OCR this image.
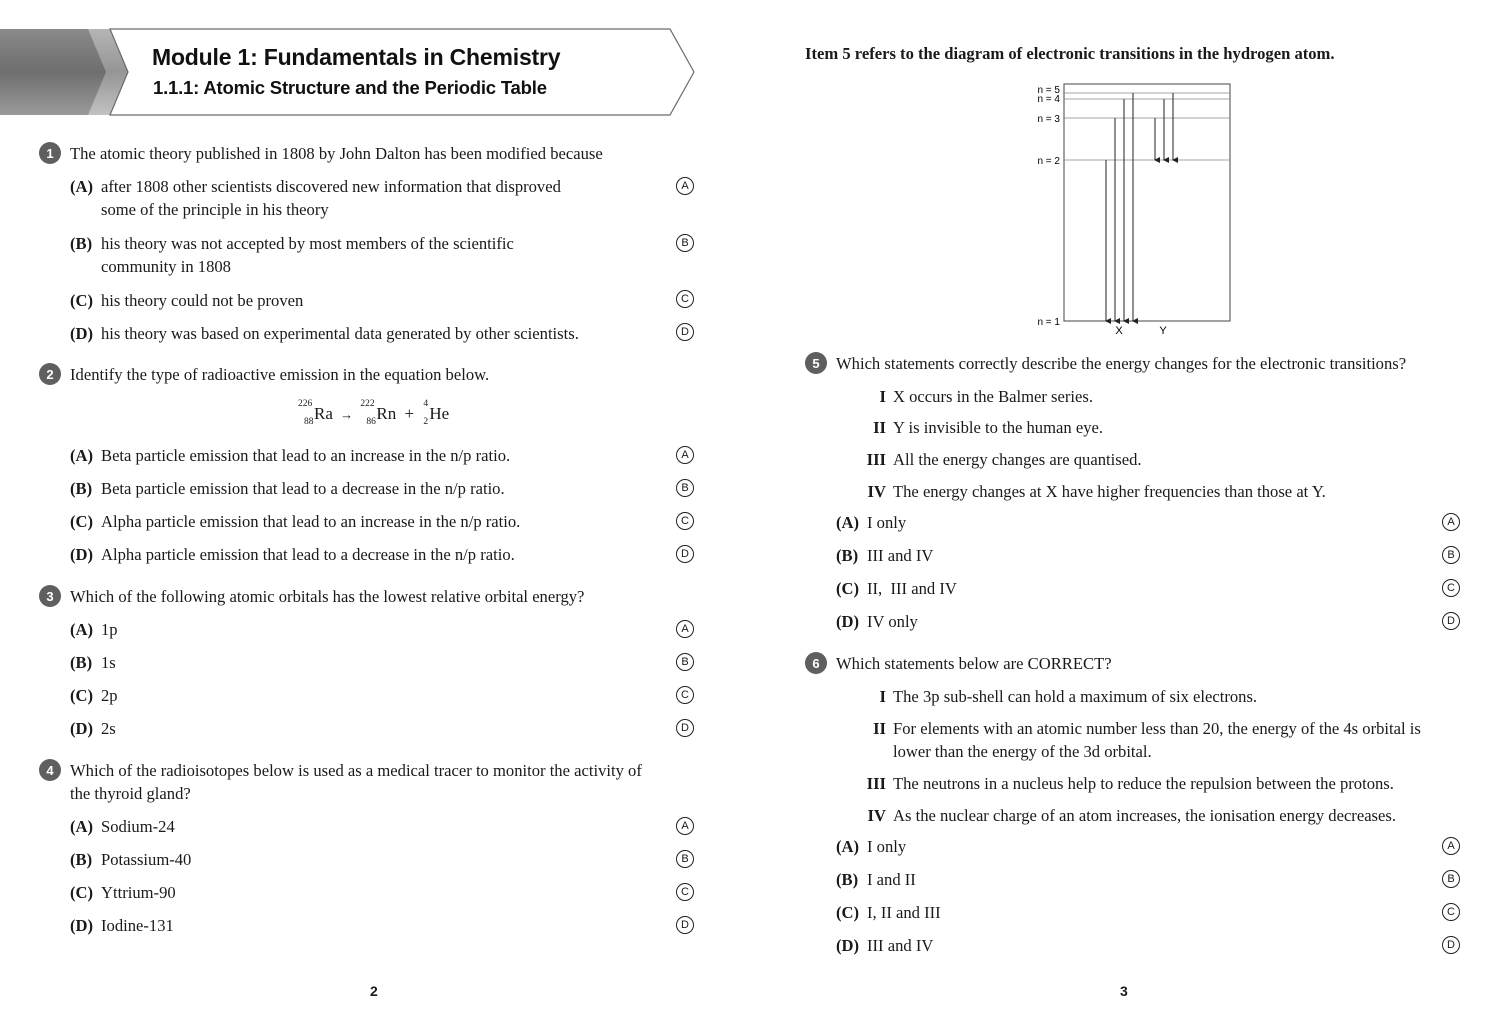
Module 1: Fundamentals in Chemistry
1.1.1: Atomic Structure and the Periodic Table
1 The atomic theory published in 1808 by John Dalton has been modified because
(A) after 1808 other scientists discovered new information that disproved
some of the principle in his theory
A
(B) his theory was not accepted by most members of the scientific
community in 1808
B
(C) his theory could not be proven	C
(D) his theory was based on experimental data generated by other scientists.	D
2 Identify the type of radioactive emission in the equation below.
226
88 Ra →
222
86 Rn + 4
2 He
(A) Beta particle emission that lead to an increase in the n/p ratio.	A
(B) Beta particle emission that lead to a decrease in the n/p ratio.	B
(C) Alpha particle emission that lead to an increase in the n/p ratio.	C
(D) Alpha particle emission that lead to a decrease in the n/p ratio.	D
3 Which of the following atomic orbitals has the lowest relative orbital energy?
(A) 1p	A
(B) 1s	B
(C) 2p	C
(D) 2s	D
4 Which of the radioisotopes below is used as a medical tracer to monitor the activity of
the thyroid gland?
(A) Sodium-24	A
(B) Potassium-40	B
(C) Yttrium-90	C
(D) Iodine-131	D
2
Item 5 refers to the diagram of electronic transitions in the hydrogen atom.
n = 5
n = 4
n = 3
n = 2
n = 1
X	Y
5 Which statements correctly describe the energy changes for the electronic transitions?
I X occurs in the Balmer series.
II Y is invisible to the human eye.
III All the energy changes are quantised.
IV The energy changes at X have higher frequencies than those at Y.
(A) I only	A
(B) III and IV	B
(C) II,  III and IV	C
(D) IV only	D
6 Which statements below are CORRECT?
I The 3p sub-shell can hold a maximum of six electrons.
II For elements with an atomic number less than 20, the energy of the 4s orbital is
lower than the energy of the 3d orbital.
III The neutrons in a nucleus help to reduce the repulsion between the protons.
IV As the nuclear charge of an atom increases, the ionisation energy decreases.
(A) I only	A
(B) I and II	B
(C) I, II and III	C
(D) III and IV	D
3
